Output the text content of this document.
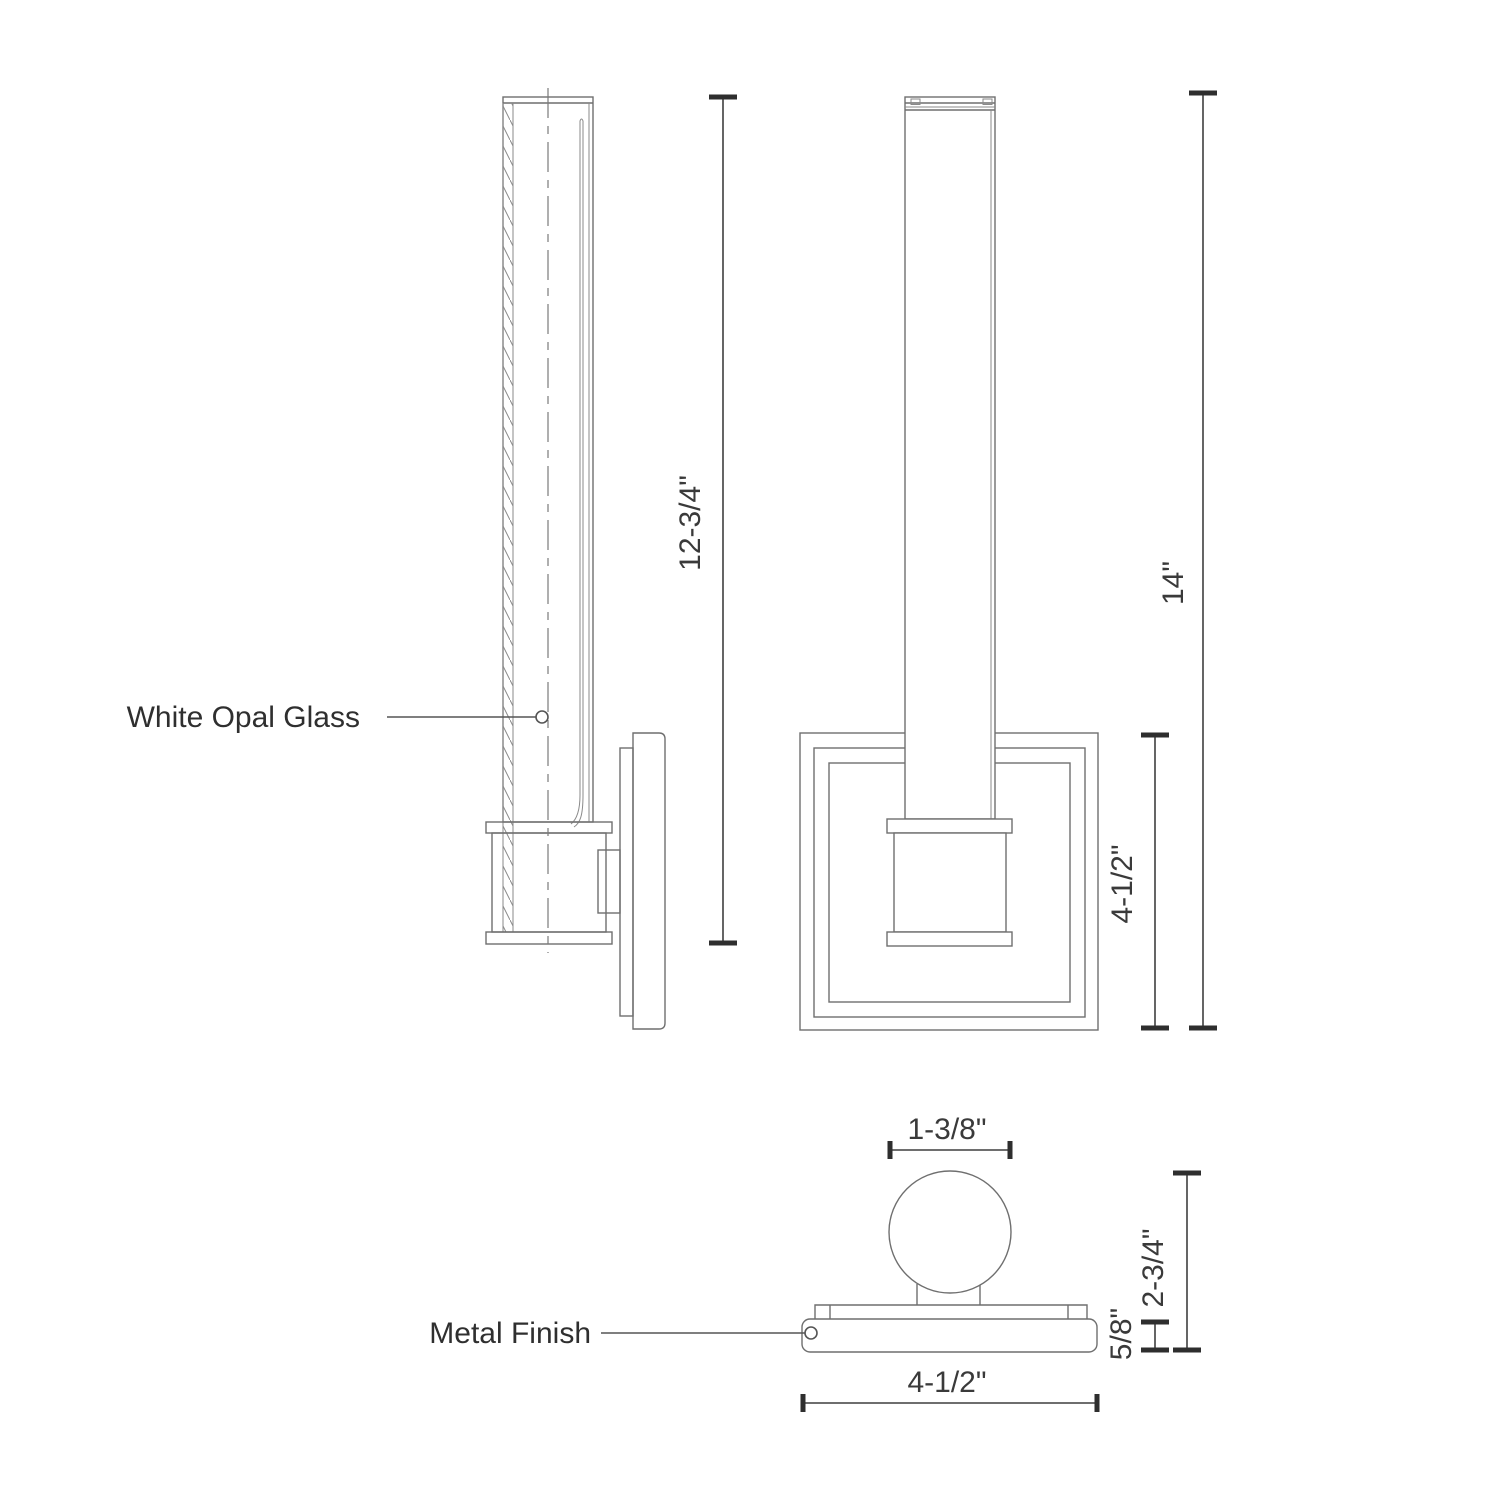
White Opal Glass
12-3/4"
4-1/2"
14"
1-3/8"
Metal Finish	5/8"
2-3/4"
4-1/2"
